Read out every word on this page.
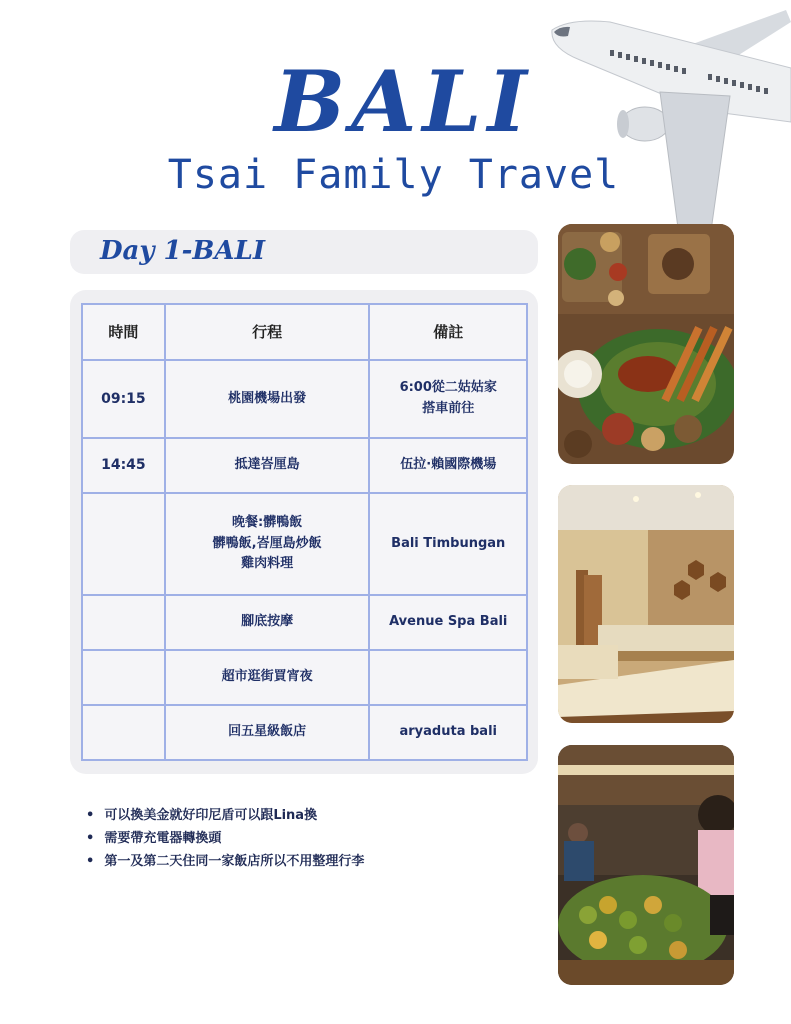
BALI
Tsai Family Travel
Day 1-BALI
時間	行程	備註
09:15	桃園機場出發	6:00從二姑姑家
搭車前往
14:45	抵達峇厘島	伍拉·賴國際機場
	晚餐:髒鴨飯
髒鴨飯,峇厘島炒飯
雞肉料理	Bali Timbungan
	腳底按摩	Avenue Spa Bali
	超市逛街買宵夜	
	回五星級飯店	aryaduta bali
• 可以換美金就好印尼盾可以跟Lina換
• 需要帶充電器轉換頭
• 第一及第二天住同一家飯店所以不用整理行李
